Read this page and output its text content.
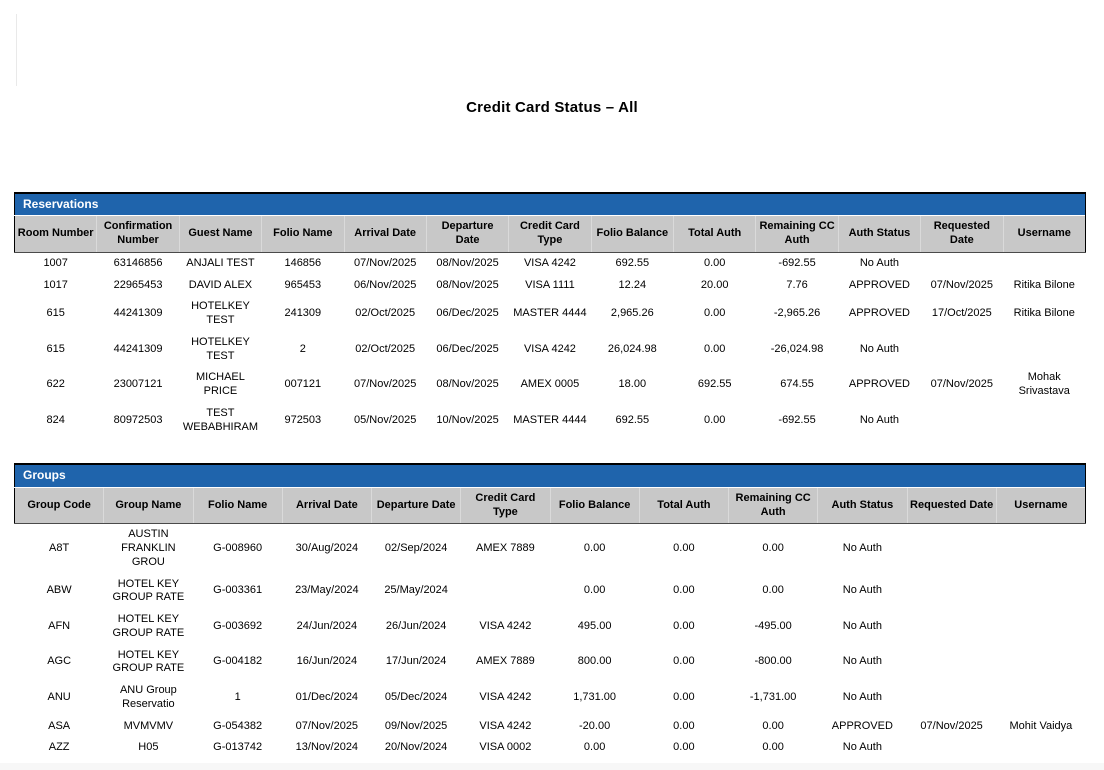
Credit Card Status – All
Reservations
Room Number	Confirmation Number	Guest Name	Folio Name	Arrival Date	Departure Date	Credit Card Type	Folio Balance	Total Auth	Remaining CC Auth	Auth Status	Requested Date	Username
1007	63146856	ANJALI TEST	146856	07/Nov/2025	08/Nov/2025	VISA 4242	692.55	0.00	-692.55	No Auth		
1017	22965453	DAVID ALEX	965453	06/Nov/2025	08/Nov/2025	VISA 1111	12.24	20.00	7.76	APPROVED	07/Nov/2025	Ritika Bilone
615	44241309	HOTELKEY TEST	241309	02/Oct/2025	06/Dec/2025	MASTER 4444	2,965.26	0.00	-2,965.26	APPROVED	17/Oct/2025	Ritika Bilone
615	44241309	HOTELKEY TEST	2	02/Oct/2025	06/Dec/2025	VISA 4242	26,024.98	0.00	-26,024.98	No Auth		
622	23007121	MICHAEL PRICE	007121	07/Nov/2025	08/Nov/2025	AMEX 0005	18.00	692.55	674.55	APPROVED	07/Nov/2025	Mohak Srivastava
824	80972503	TEST WEBABHIRAM	972503	05/Nov/2025	10/Nov/2025	MASTER 4444	692.55	0.00	-692.55	No Auth		
Groups
Group Code	Group Name	Folio Name	Arrival Date	Departure Date	Credit Card Type	Folio Balance	Total Auth	Remaining CC Auth	Auth Status	Requested Date	Username
A8T	AUSTIN FRANKLIN GROU	G-008960	30/Aug/2024	02/Sep/2024	AMEX 7889	0.00	0.00	0.00	No Auth		
ABW	HOTEL KEY GROUP RATE	G-003361	23/May/2024	25/May/2024		0.00	0.00	0.00	No Auth		
AFN	HOTEL KEY GROUP RATE	G-003692	24/Jun/2024	26/Jun/2024	VISA 4242	495.00	0.00	-495.00	No Auth		
AGC	HOTEL KEY GROUP RATE	G-004182	16/Jun/2024	17/Jun/2024	AMEX 7889	800.00	0.00	-800.00	No Auth		
ANU	ANU Group Reservatio	1	01/Dec/2024	05/Dec/2024	VISA 4242	1,731.00	0.00	-1,731.00	No Auth		
ASA	MVMVMV	G-054382	07/Nov/2025	09/Nov/2025	VISA 4242	-20.00	0.00	0.00	APPROVED	07/Nov/2025	Mohit Vaidya
AZZ	H05	G-013742	13/Nov/2024	20/Nov/2024	VISA 0002	0.00	0.00	0.00	No Auth		
